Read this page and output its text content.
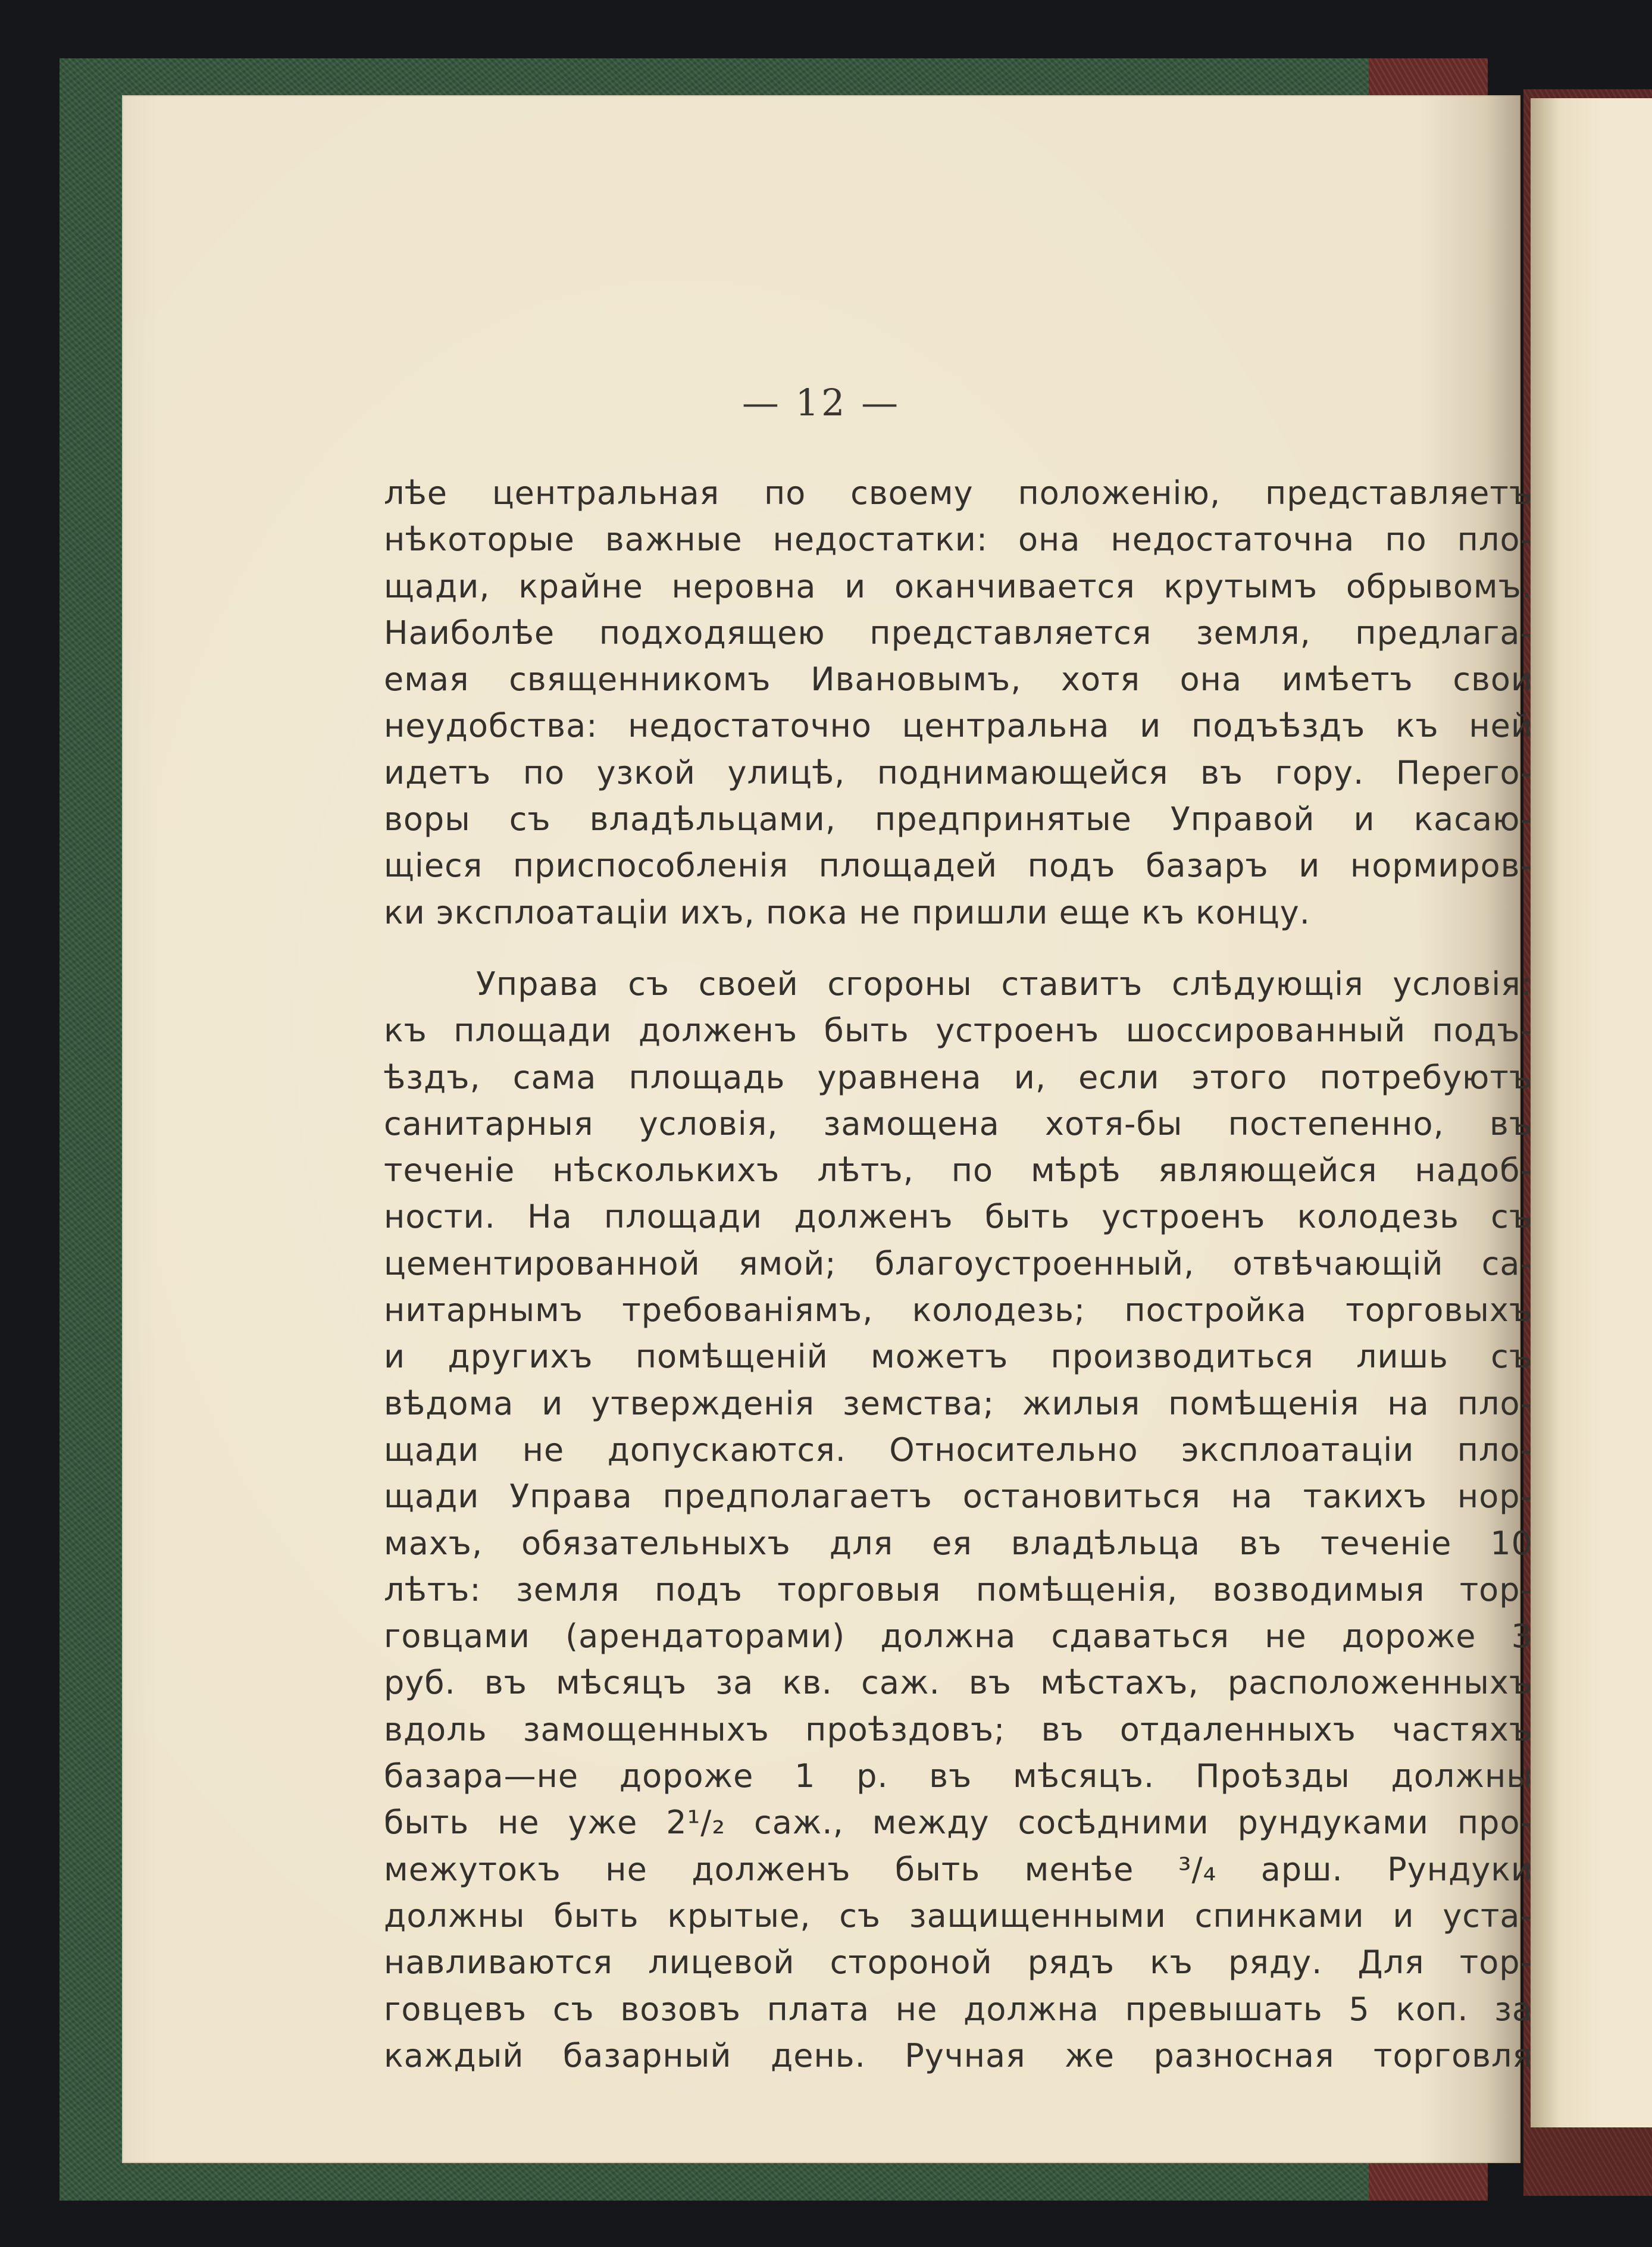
— 12 —
лѣе центральная по своему положенію, представляетъ
нѣкоторые важные недостатки: она недостаточна по пло-
щади, крайне неровна и оканчивается крутымъ обрывомъ.
Наиболѣе подходящею представляется земля, предлага-
емая священникомъ Ивановымъ, хотя она имѣетъ свои
неудобства: недостаточно центральна и подъѣздъ къ ней
идетъ по узкой улицѣ, поднимающейся въ гору. Перего-
воры съ владѣльцами, предпринятые Управой и касаю-
щіеся приспособленія площадей подъ базаръ и нормиров-
ки эксплоатаціи ихъ, пока не пришли еще къ концу.
Управа съ своей сгороны ставитъ слѣдующія условія:
къ площади долженъ быть устроенъ шоссированный подъ-
ѣздъ, сама площадь уравнена и, если этого потребуютъ
санитарныя условія, замощена хотя-бы постепенно, въ
теченіе нѣсколькихъ лѣтъ, по мѣрѣ являющейся надоб-
ности. На площади долженъ быть устроенъ колодезь съ
цементированной ямой; благоустроенный, отвѣчающій са-
нитарнымъ требованіямъ, колодезь; постройка торговыхъ
и другихъ помѣщеній можетъ производиться лишь съ
вѣдома и утвержденія земства; жилыя помѣщенія на пло-
щади не допускаются. Относительно эксплоатаціи пло-
щади Управа предполагаетъ остановиться на такихъ нор-
махъ, обязательныхъ для ея владѣльца въ теченіе 10
лѣтъ: земля подъ торговыя помѣщенія, возводимыя тор-
говцами (арендаторами) должна сдаваться не дороже 3
руб. въ мѣсяцъ за кв. саж. въ мѣстахъ, расположенныхъ
вдоль замощенныхъ проѣздовъ; въ отдаленныхъ частяхъ
базара—не дороже 1 р. въ мѣсяцъ. Проѣзды должны
быть не уже 2¹/₂ саж., между сосѣдними рундуками про-
межутокъ не долженъ быть менѣе ³/₄ арш. Рундуки
должны быть крытые, съ защищенными спинками и уста-
навливаются лицевой стороной рядъ къ ряду. Для тор-
говцевъ съ возовъ плата не должна превышать 5 коп. за
каждый базарный день. Ручная же разносная торговля
